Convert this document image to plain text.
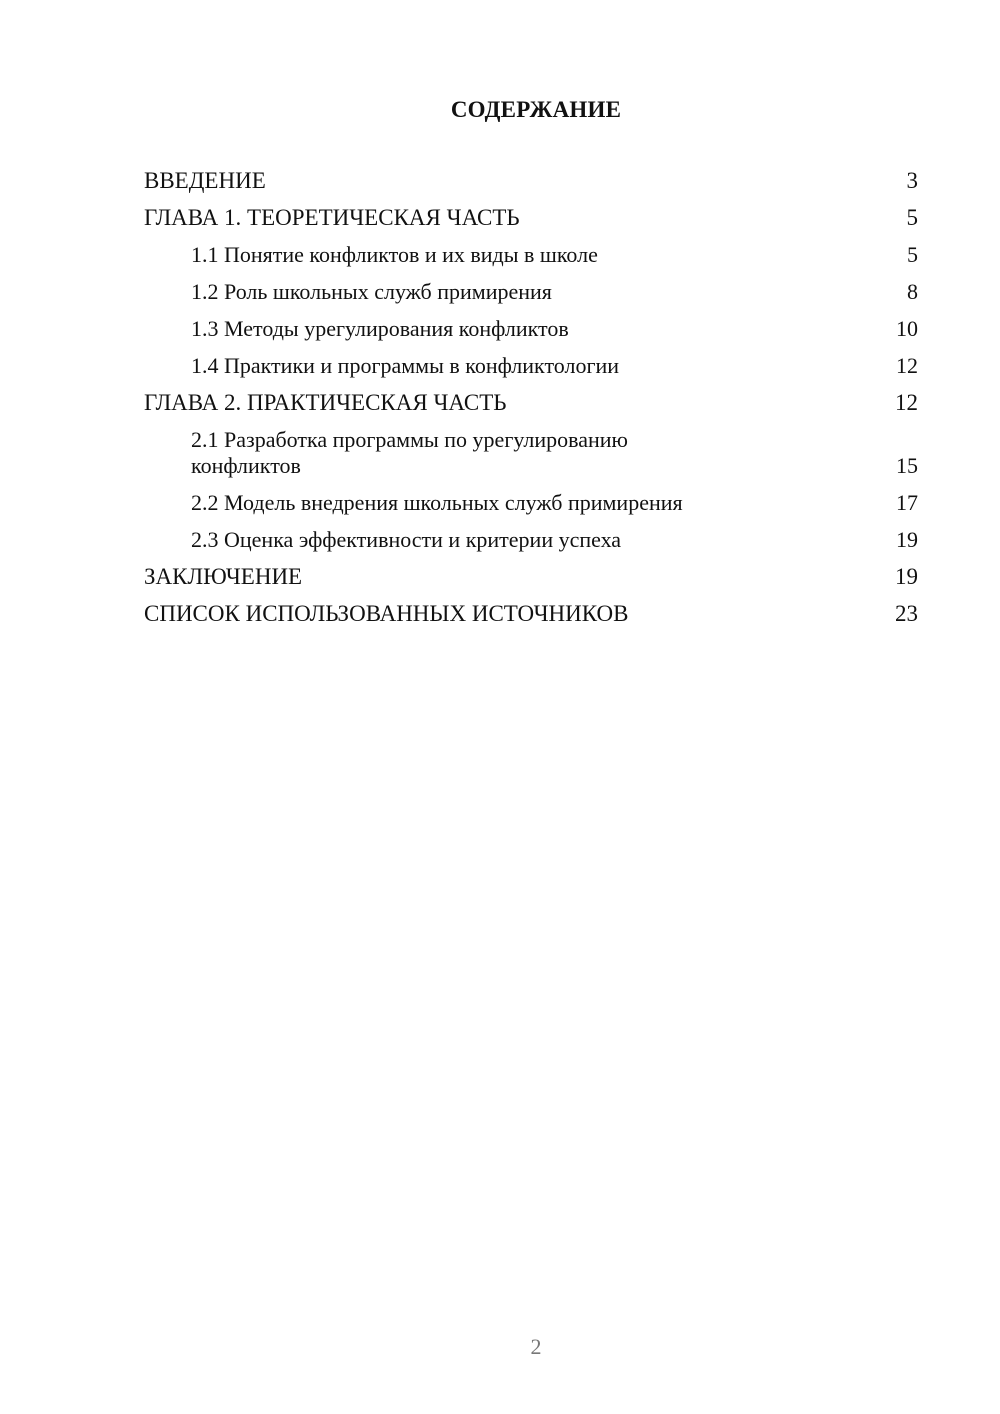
СОДЕРЖАНИЕ
ВВЕДЕНИЕ	3
ГЛАВА 1. ТЕОРЕТИЧЕСКАЯ ЧАСТЬ	5
1.1 Понятие конфликтов и их виды в школе	5
1.2 Роль школьных служб примирения	8
1.3 Методы урегулирования конфликтов	10
1.4 Практики и программы в конфликтологии	12
ГЛАВА 2. ПРАКТИЧЕСКАЯ ЧАСТЬ	12
2.1 Разработка программы по урегулированию конфликтов	15
2.2 Модель внедрения школьных служб примирения	17
2.3 Оценка эффективности и критерии успеха	19
ЗАКЛЮЧЕНИЕ	19
СПИСОК ИСПОЛЬЗОВАННЫХ ИСТОЧНИКОВ	23
2
